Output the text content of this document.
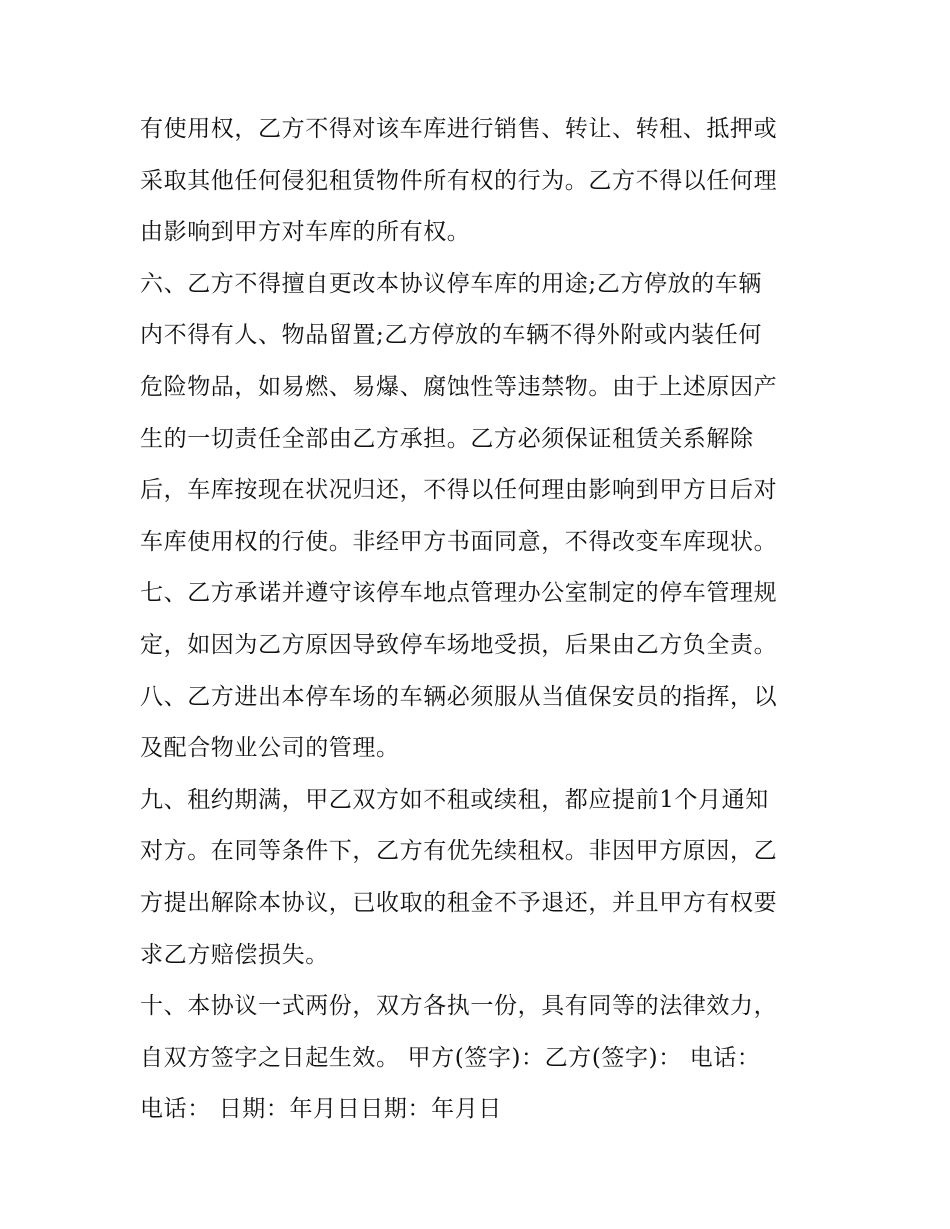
有使用权，乙方不得对该车库进行销售、转让、转租、抵押或
采取其他任何侵犯租赁物件所有权的行为。乙方不得以任何理
由影响到甲方对车库的所有权。
六、乙方不得擅自更改本协议停车库的用途;乙方停放的车辆
内不得有人、物品留置;乙方停放的车辆不得外附或内装任何
危险物品，如易燃、易爆、腐蚀性等违禁物。由于上述原因产
生的一切责任全部由乙方承担。乙方必须保证租赁关系解除
后，车库按现在状况归还，不得以任何理由影响到甲方日后对
车库使用权的行使。非经甲方书面同意，不得改变车库现状。
七、乙方承诺并遵守该停车地点管理办公室制定的停车管理规
定，如因为乙方原因导致停车场地受损，后果由乙方负全责。
八、乙方进出本停车场的车辆必须服从当值保安员的指挥，以
及配合物业公司的管理。
九、租约期满，甲乙双方如不租或续租，都应提前1个月通知
对方。在同等条件下，乙方有优先续租权。非因甲方原因，乙
方提出解除本协议，已收取的租金不予退还，并且甲方有权要
求乙方赔偿损失。
十、本协议一式两份，双方各执一份，具有同等的法律效力，
自双方签字之日起生效。 甲方(签字)：乙方(签字)： 电话：
电话： 日期：年月日日期：年月日
